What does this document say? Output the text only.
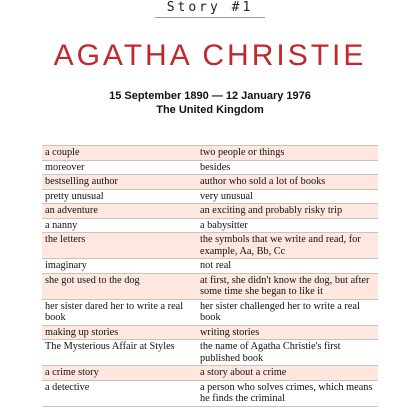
Story #1
AGATHA CHRISTIE
15 September 1890 — 12 January 1976
The United Kingdom
a couple	two people or things
moreover	besides
bestselling author	author who sold a lot of books
pretty unusual	very unusual
an adventure	an exciting and probably risky trip
a nanny	a babysitter
the letters	the symbols that we write and read, for example, Aa, Bb, Cc
imaginary	not real
she got used to the dog	at first, she didn't know the dog, but after some time she began to like it
her sister dared her to write a real book	her sister challenged her to write a real book
making up stories	writing stories
The Mysterious Affair at Styles	the name of Agatha Christie's first published book
a crime story	a story about a crime
a detective	a person who solves crimes, which means he finds the criminal
